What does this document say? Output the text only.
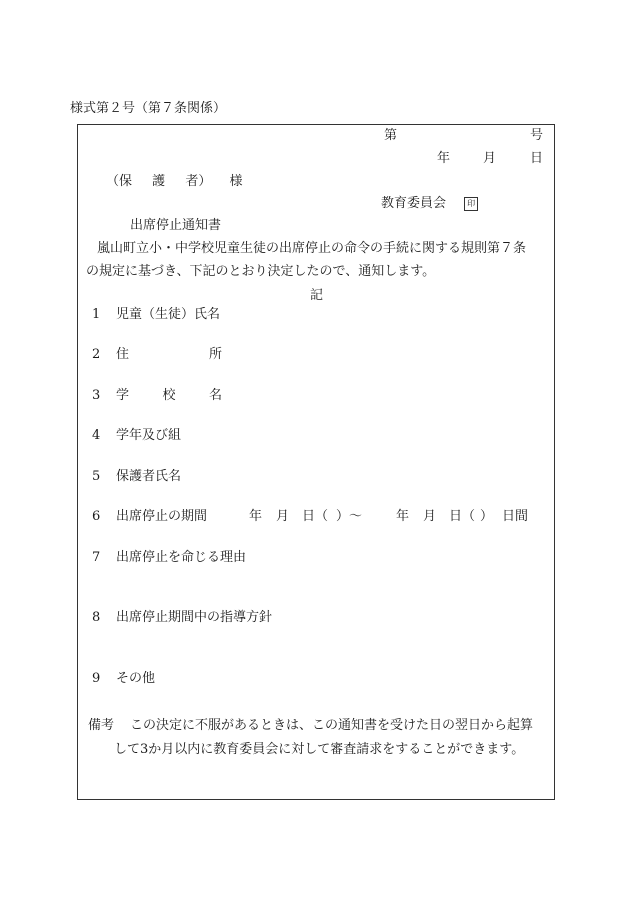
様式第２号（第７条関係）
第	号
年	月	日
（保 護 者） 様
教育委員会	印
出席停止通知書
嵐山町立小・中学校児童生徒の出席停止の命令の手続に関する規則第７条
の規定に基づき、下記のとおり決定したので、通知します。
記
1 児童（生徒）氏名
2 住	所
3 学	校	名
4 学年及び組
5 保護者氏名
6 出席停止の期間	年 月 日（ ）〜	年 月 日（ ） 日間
7 出席停止を命じる理由
8 出席停止期間中の指導方針
9 その他
備考	この決定に不服があるときは、この通知書を受けた日の翌日から起算して3か月以内に教育委員会に対して審査請求をすることができます。
